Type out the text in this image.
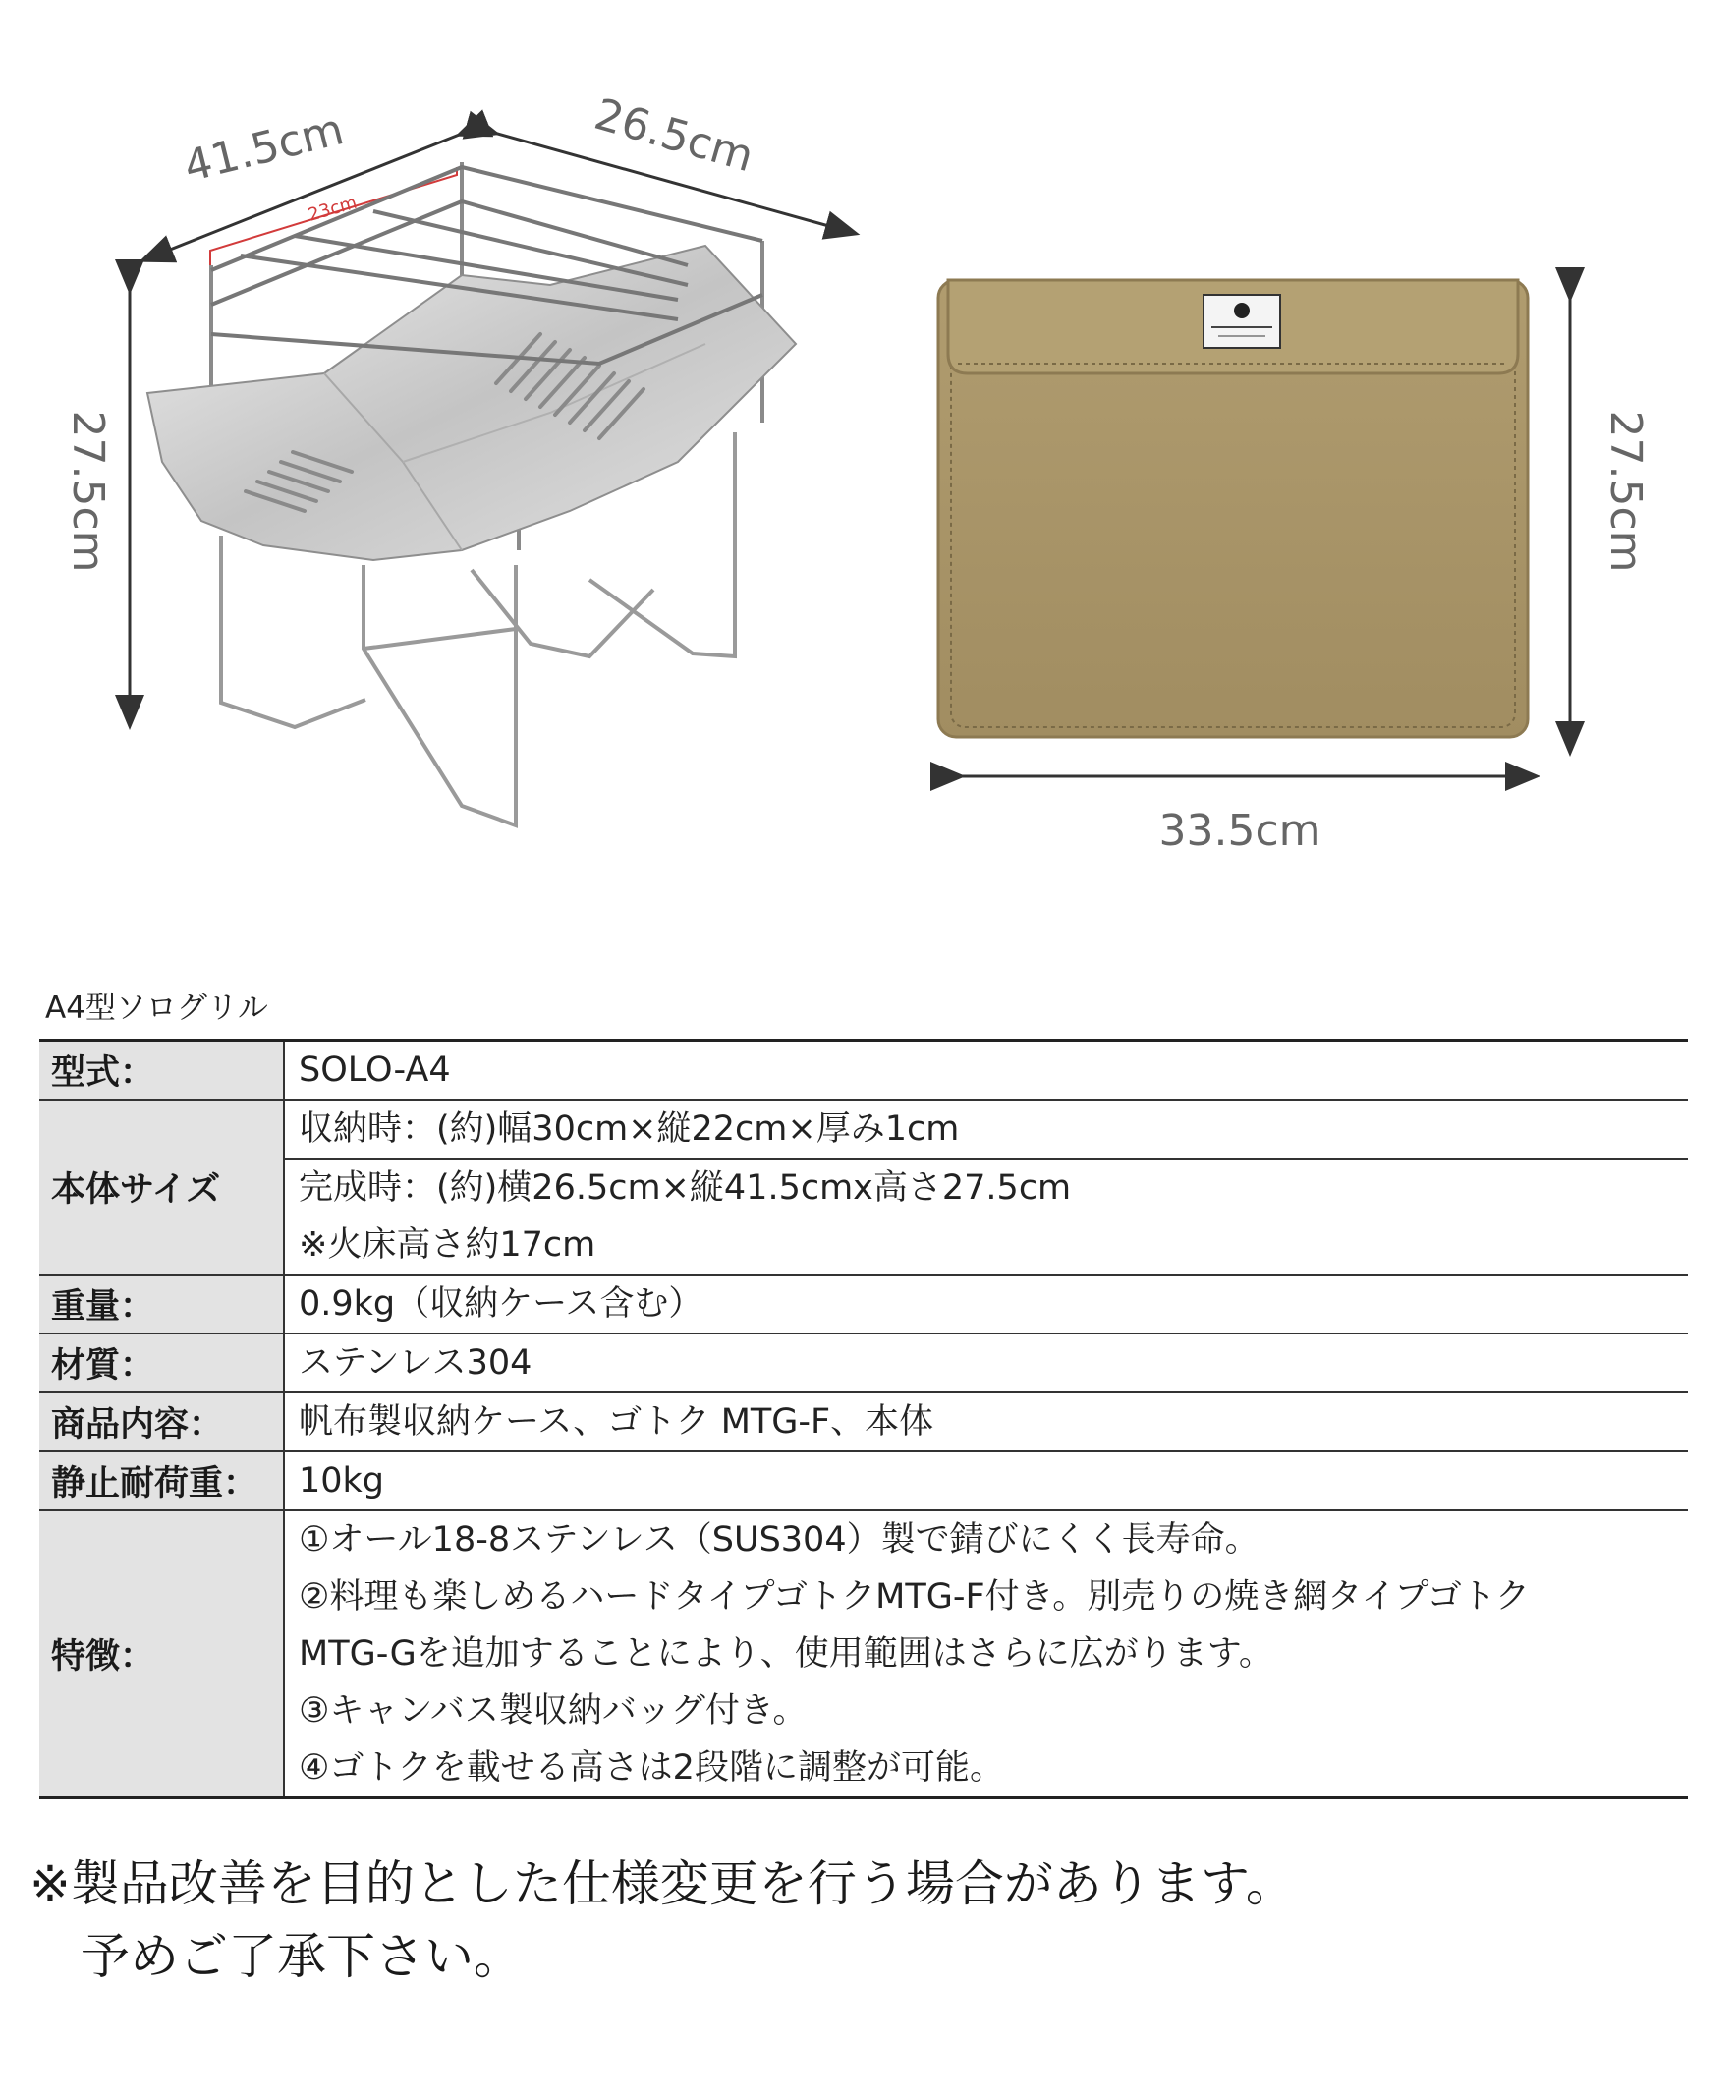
41.5cm	26.5cm
27.5cm
23cm
27.5cm
33.5cm
A4型ソログリル
型式：	SOLO-A4

本体サイズ	収納時：(約)幅30cm×縦22cm×厚み1cm
完成時：(約)横26.5cm×縦41.5cmx高さ27.5cm
※火床高さ約17cm

重量：	0.9kg（収納ケース含む）

材質：	ステンレス304

商品内容：	帆布製収納ケース、ゴトク MTG-F、本体

静止耐荷重：	10kg

特徴：	①オール18-8ステンレス（SUS304）製で錆びにくく長寿命。
②料理も楽しめるハードタイプゴトクMTG-F付き。別売りの焼き網タイプゴトク
MTG-Gを追加することにより、使用範囲はさらに広がります。
③キャンバス製収納バッグ付き。
④ゴトクを載せる高さは2段階に調整が可能。
※製品改善を目的とした仕様変更を行う場合があります。
予めご了承下さい。
